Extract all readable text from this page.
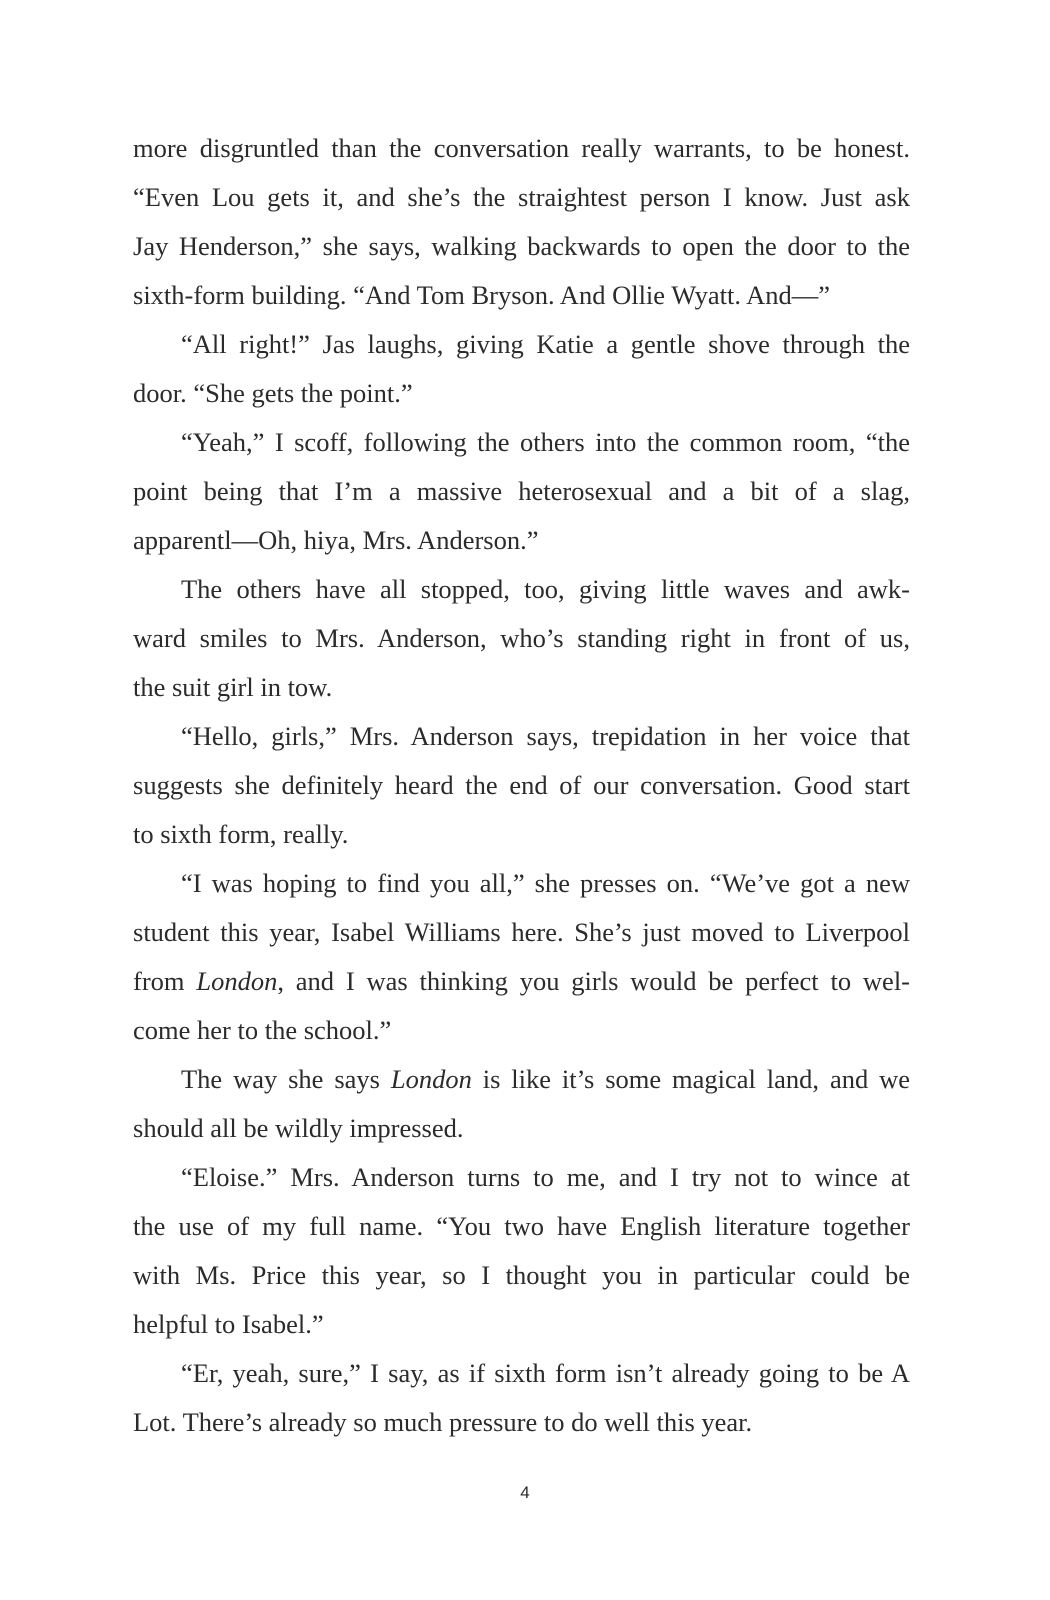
more disgruntled than the conversation really warrants, to be honest.
“Even Lou gets it, and she’s the straightest person I know. Just ask
Jay Henderson,” she says, walking backwards to open the door to the
sixth-form building. “And Tom Bryson. And Ollie Wyatt. And—”
“All right!” Jas laughs, giving Katie a gentle shove through the
door. “She gets the point.”
“Yeah,” I scoff, following the others into the common room, “the
point being that I’m a massive heterosexual and a bit of a slag,
apparentl—Oh, hiya, Mrs. Anderson.”
The others have all stopped, too, giving little waves and awk-
ward smiles to Mrs. Anderson, who’s standing right in front of us,
the suit girl in tow.
“Hello, girls,” Mrs. Anderson says, trepidation in her voice that
suggests she definitely heard the end of our conversation. Good start
to sixth form, really.
“I was hoping to find you all,” she presses on. “We’ve got a new
student this year, Isabel Williams here. She’s just moved to Liverpool
from London, and I was thinking you girls would be perfect to wel-
come her to the school.”
The way she says London is like it’s some magical land, and we
should all be wildly impressed.
“Eloise.” Mrs. Anderson turns to me, and I try not to wince at
the use of my full name. “You two have English literature together
with Ms. Price this year, so I thought you in particular could be
helpful to Isabel.”
“Er, yeah, sure,” I say, as if sixth form isn’t already going to be A
Lot. There’s already so much pressure to do well this year.
4
